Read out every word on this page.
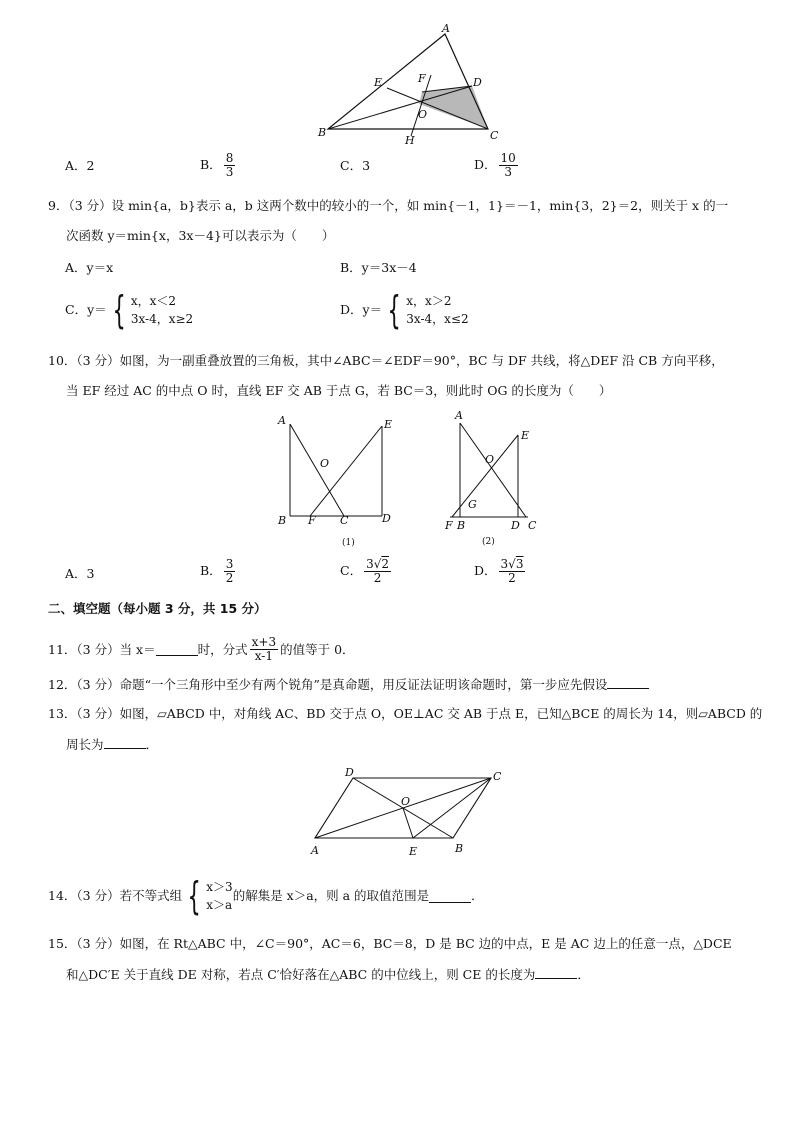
A
B	C
D
E	F
O
H
A．2	B． $\frac{8}{3}$	C．3	D． $\frac{10}{3}$
9．（3 分）设 min{a，b}表示 a，b 这两个数中的较小的一个，如 min{－1，1}＝－1，min{3，2}＝2，则关于 x 的一
次函数 y＝min{x，3x－4}可以表示为（　　）
A．y＝x	B．y＝3x－4
C．y＝ { x，x＜2
3x-4，x≥2
D．y＝ { x，x＞2
3x-4，x≤2
10．（3 分）如图，为一副重叠放置的三角板，其中∠ABC＝∠EDF＝90°，BC 与 DF 共线，将△DEF 沿 CB 方向平移，
当 EF 经过 AC 的中点 O 时，直线 EF 交 AB 于点 G，若 BC＝3，则此时 OG 的长度为（　　）
A	E
O
B F C	D
(1)
A
E
O
G
F B	D C
(2)
A．3	B． $\frac{3}{2}$	C． $\frac{3√2}{2}$	D． $\frac{3√3}{2}$
二、填空题（每小题 3 分，共 15 分）
11．（3 分）当 x＝	时，分式 $\frac{x+3}{x-1}$ 的值等于 0．
12．（3 分）命题“一个三角形中至少有两个锐角”是真命题，用反证法证明该命题时，第一步应先假设
13．（3 分）如图，▱ABCD 中，对角线 AC、BD 交于点 O，OE⊥AC 交 AB 于点 E，已知△BCE 的周长为 14，则▱ABCD 的
周长为	．
D	C
O
A	E	B
14．（3 分）若不等式组 { x＞3
x＞a
的解集是 x＞a，则 a 的取值范围是	．
15．（3 分）如图，在 Rt△ABC 中，∠C＝90°，AC＝6，BC＝8，D 是 BC 边的中点，E 是 AC 边上的任意一点，△DCE
和△DC′E 关于直线 DE 对称，若点 C′恰好落在△ABC 的中位线上，则 CE 的长度为	．
